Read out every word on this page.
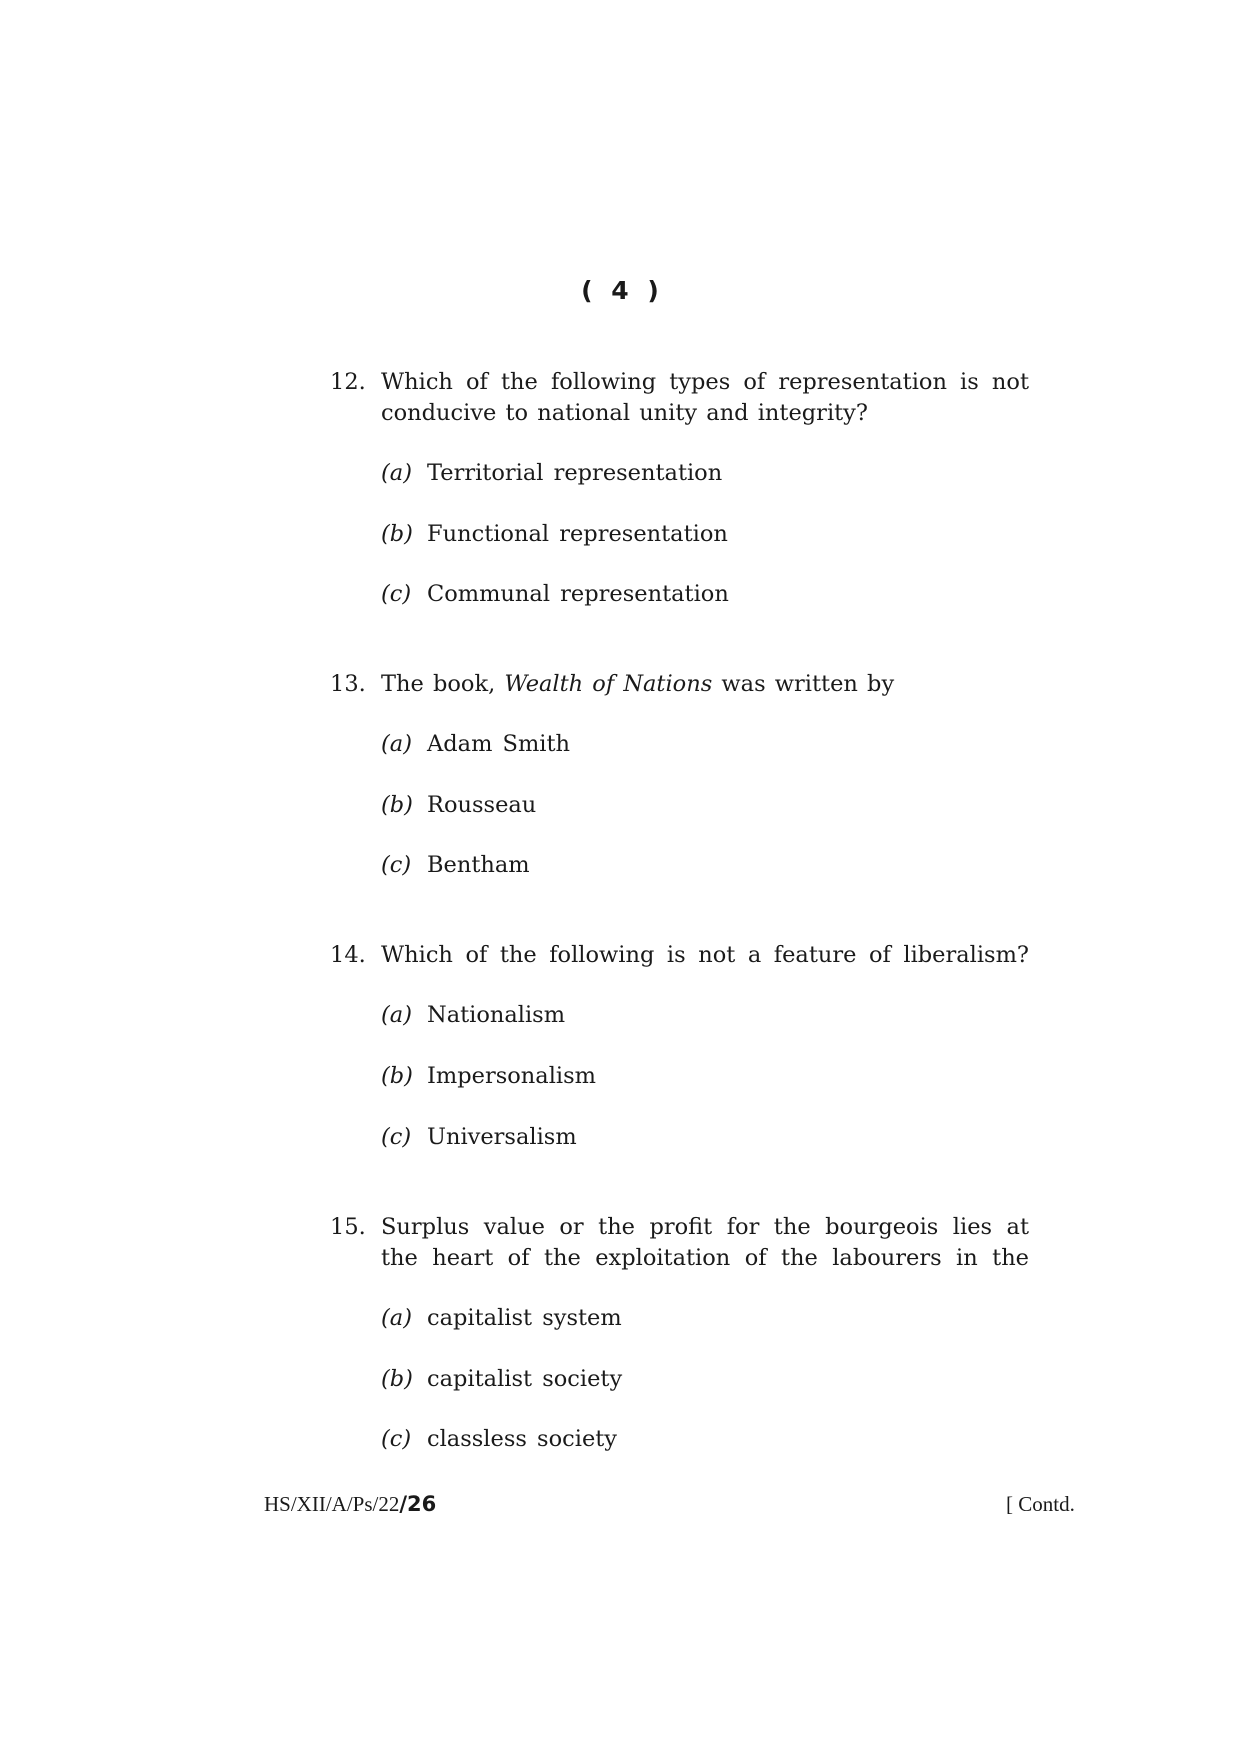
( 4 )
12. Which of the following types of representation is not
conducive to national unity and integrity?
(a) Territorial representation
(b) Functional representation
(c) Communal representation
13. The book, Wealth of Nations was written by
(a) Adam Smith
(b) Rousseau
(c) Bentham
14. Which of the following is not a feature of liberalism?
(a) Nationalism
(b) Impersonalism
(c) Universalism
15. Surplus value or the profit for the bourgeois lies at
the heart of the exploitation of the labourers in the
(a) capitalist system
(b) capitalist society
(c) classless society
HS/XII/A/Ps/22/26	[ Contd.
